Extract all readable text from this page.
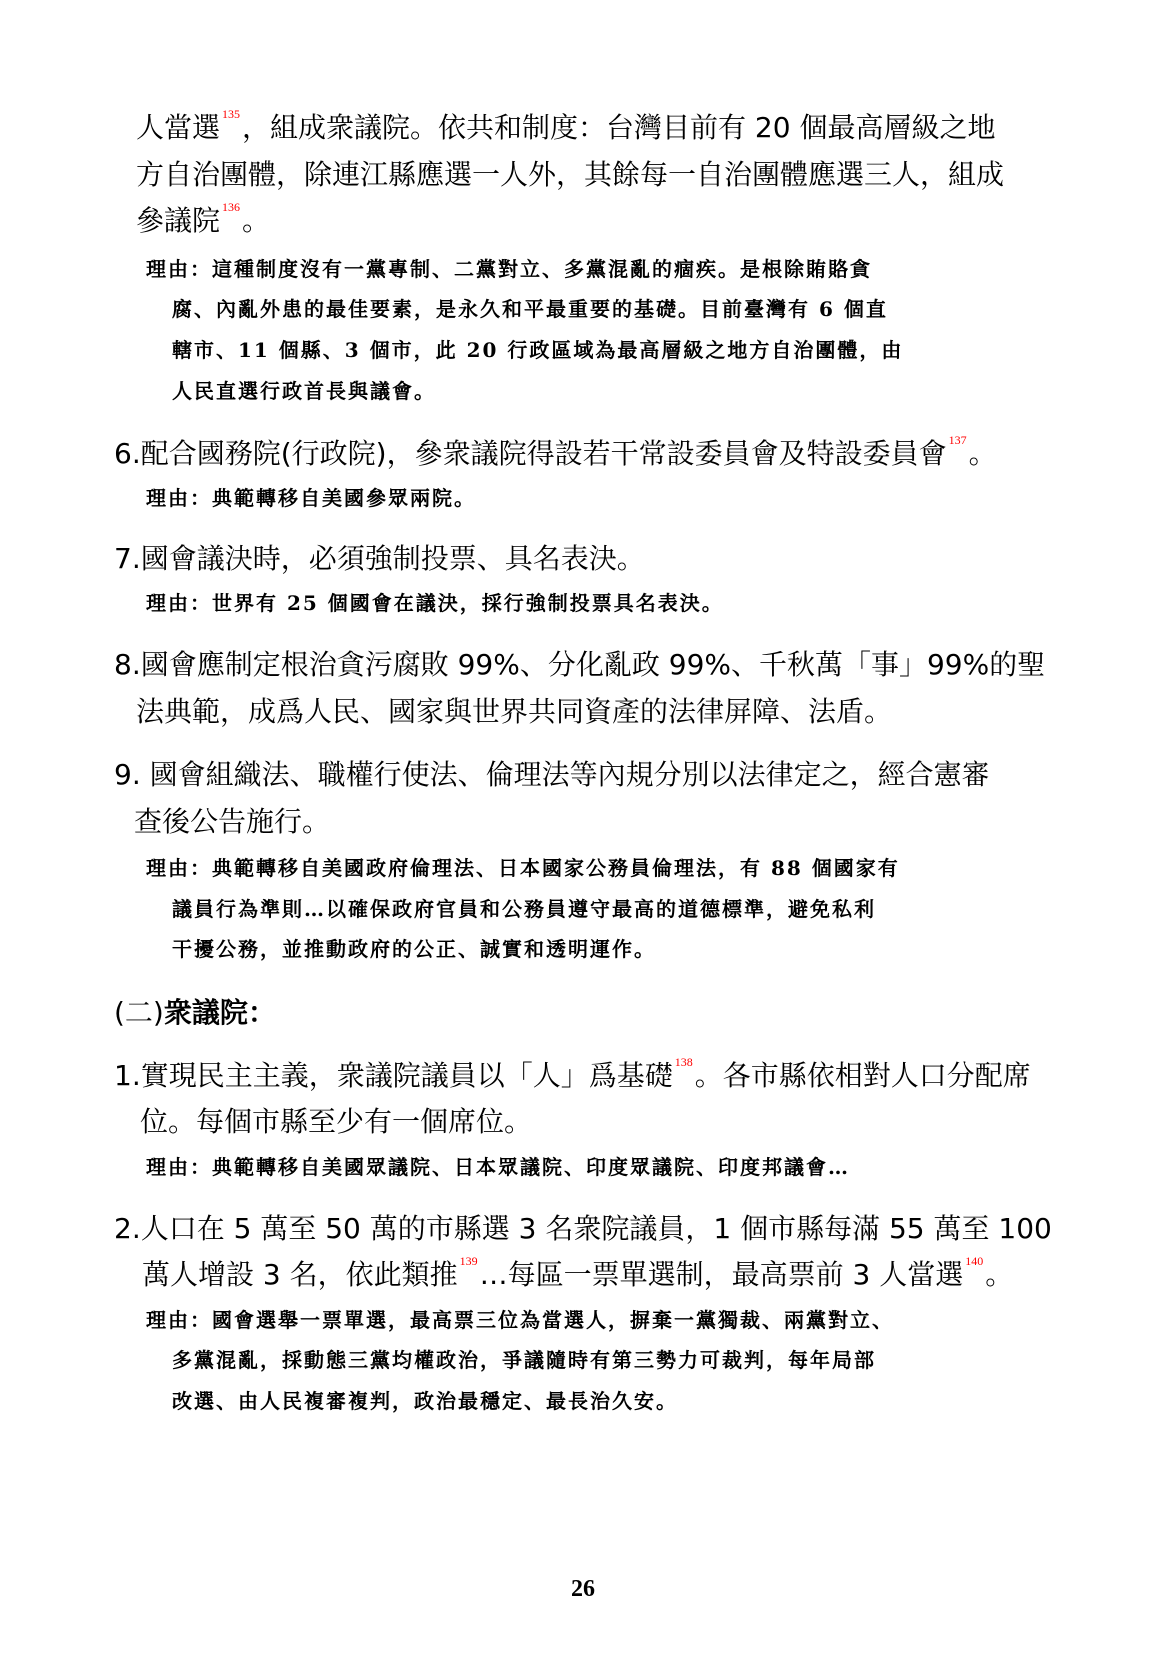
人當選 $^{135}$，組成衆議院。依共和制度：台灣目前有 20 個最高層級之地
方自治團體，除連江縣應選一人外，其餘每一自治團體應選三人，組成
參議院 $^{136}$。
理由：這種制度沒有一黨專制、二黨對立、多黨混亂的痼疾。是根除賄賂貪
腐、內亂外患的最佳要素，是永久和平最重要的基礎。目前臺灣有 6 個直
轄市、11 個縣、3 個市，此 20 行政區域為最高層級之地方自治團體，由
人民直選行政首長與議會。
6.配合國務院(行政院)，參衆議院得設若干常設委員會及特設委員會 $^{137}$。
理由：典範轉移自美國參眾兩院。
7.國會議決時，必須強制投票、具名表決。
理由：世界有 25 個國會在議決，採行強制投票具名表決。
8.國會應制定根治貪污腐敗 99%、分化亂政 99%、千秋萬「事」99%的聖
法典範，成爲人民、國家與世界共同資產的法律屏障、法盾。
9. 國會組織法、職權行使法、倫理法等內規分別以法律定之，經合憲審
查後公告施行。
理由：典範轉移自美國政府倫理法、日本國家公務員倫理法，有 88 個國家有
議員行為準則…以確保政府官員和公務員遵守最高的道德標準，避免私利
干擾公務，並推動政府的公正、誠實和透明運作。
(二)衆議院：
1.實現民主主義，衆議院議員以「人」爲基礎 $^{138}$。各市縣依相對人口分配席
位。每個市縣至少有一個席位。
理由：典範轉移自美國眾議院、日本眾議院、印度眾議院、印度邦議會…
2.人口在 5 萬至 50 萬的市縣選 3 名衆院議員，1 個市縣每滿 55 萬至 100
萬人增設 3 名，依此類推 $^{139}$…每區一票單選制，最高票前 3 人當選 $^{140}$。
理由：國會選舉一票單選，最高票三位為當選人，摒棄一黨獨裁、兩黨對立、
多黨混亂，採動態三黨均權政治，爭議隨時有第三勢力可裁判，每年局部
改選、由人民複審複判，政治最穩定、最長治久安。
26
